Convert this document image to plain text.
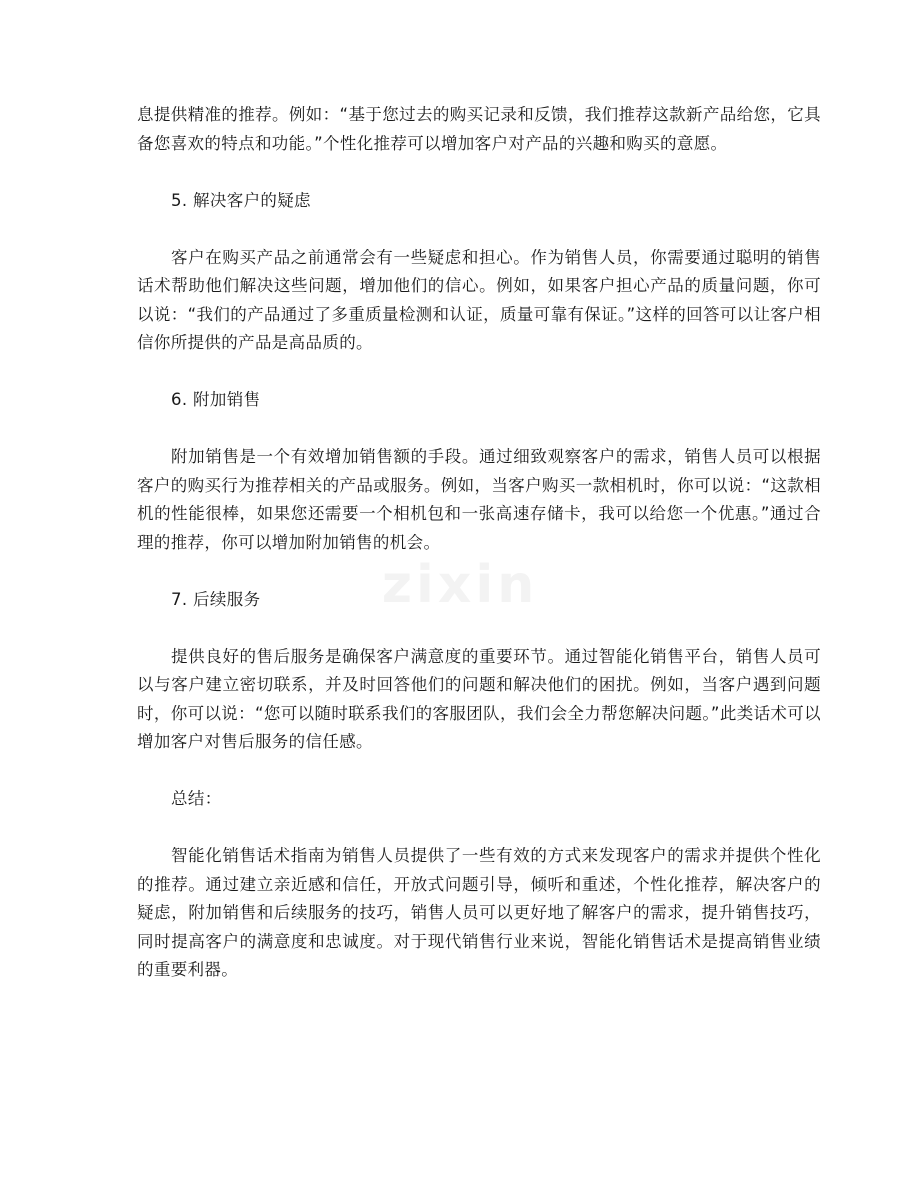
息提供精准的推荐。例如：“基于您过去的购买记录和反馈，我们推荐这款新产品给您，它具备您喜欢的特点和功能。”个性化推荐可以增加客户对产品的兴趣和购买的意愿。

5. 解决客户的疑虑

客户在购买产品之前通常会有一些疑虑和担心。作为销售人员，你需要通过聪明的销售话术帮助他们解决这些问题，增加他们的信心。例如，如果客户担心产品的质量问题，你可以说：“我们的产品通过了多重质量检测和认证，质量可靠有保证。”这样的回答可以让客户相信你所提供的产品是高品质的。

6. 附加销售

附加销售是一个有效增加销售额的手段。通过细致观察客户的需求，销售人员可以根据客户的购买行为推荐相关的产品或服务。例如，当客户购买一款相机时，你可以说：“这款相机的性能很棒，如果您还需要一个相机包和一张高速存储卡，我可以给您一个优惠。”通过合理的推荐，你可以增加附加销售的机会。

7. 后续服务

提供良好的售后服务是确保客户满意度的重要环节。通过智能化销售平台，销售人员可以与客户建立密切联系，并及时回答他们的问题和解决他们的困扰。例如，当客户遇到问题时，你可以说：“您可以随时联系我们的客服团队，我们会全力帮您解决问题。”此类话术可以增加客户对售后服务的信任感。

总结：

智能化销售话术指南为销售人员提供了一些有效的方式来发现客户的需求并提供个性化的推荐。通过建立亲近感和信任，开放式问题引导，倾听和重述，个性化推荐，解决客户的疑虑，附加销售和后续服务的技巧，销售人员可以更好地了解客户的需求，提升销售技巧，同时提高客户的满意度和忠诚度。对于现代销售行业来说，智能化销售话术是提高销售业绩的重要利器。

zixin
